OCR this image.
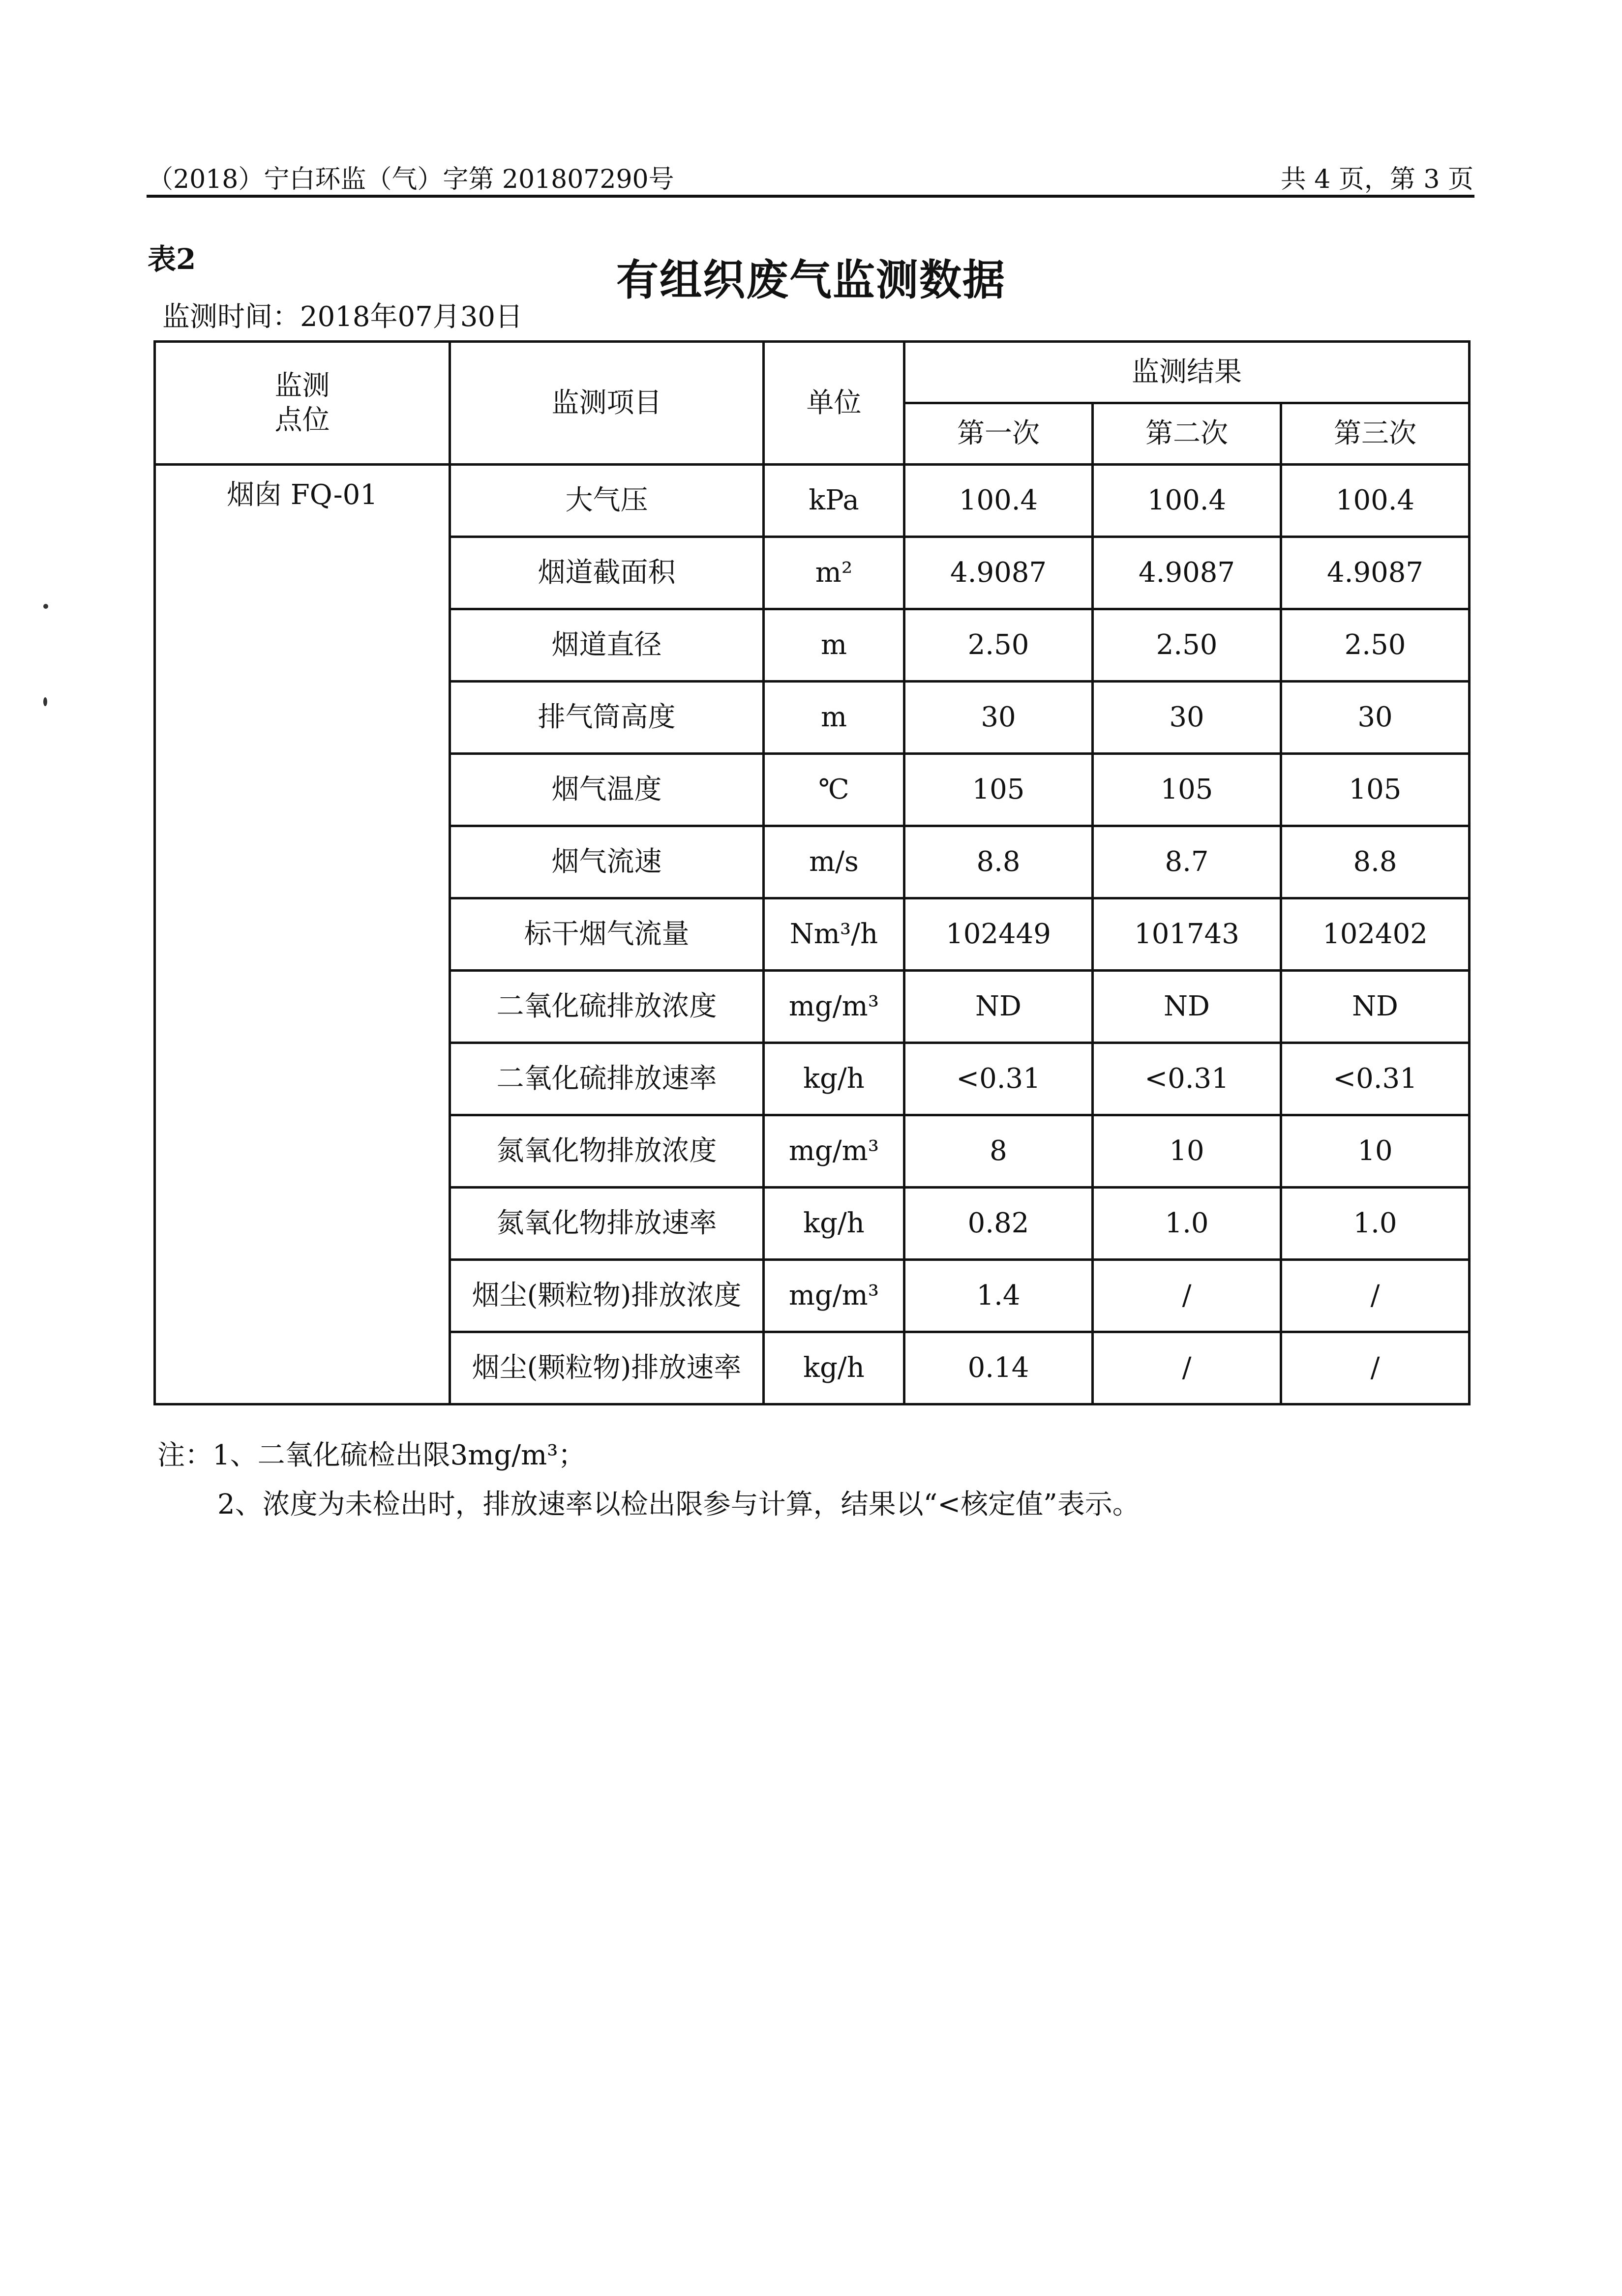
（2018）宁白环监（气）字第 201807290号	共 4 页，第 3 页
表2	有组织废气监测数据
监测时间：2018年07月30日
监测点位	监测项目	单位	监测结果		
			第一次	第二次	第三次
烟囱 FQ-01	大气压	kPa	100.4	100.4	100.4
	烟道截面积	m²	4.9087	4.9087	4.9087
	烟道直径	m	2.50	2.50	2.50
	排气筒高度	m	30	30	30
	烟气温度	℃	105	105	105
	烟气流速	m/s	8.8	8.7	8.8
	标干烟气流量	Nm³/h	102449	101743	102402
	二氧化硫排放浓度	mg/m³	ND	ND	ND
	二氧化硫排放速率	kg/h	<0.31	<0.31	<0.31
	氮氧化物排放浓度	mg/m³	8	10	10
	氮氧化物排放速率	kg/h	0.82	1.0	1.0
	烟尘(颗粒物)排放浓度	mg/m³	1.4	/	/
	烟尘(颗粒物)排放速率	kg/h	0.14	/	/
注：1、二氧化硫检出限3mg/m³；
2、浓度为未检出时，排放速率以检出限参与计算，结果以“<核定值”表示。
